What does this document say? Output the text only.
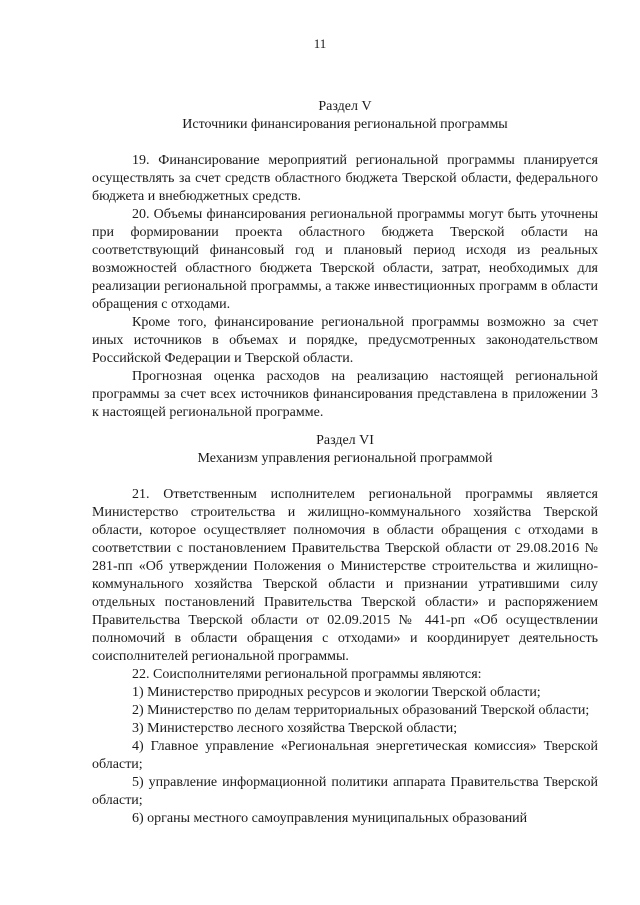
11

Раздел V

Источники финансирования региональной программы

19. Финансирование мероприятий региональной программы планируется осуществлять за счет средств областного бюджета Тверской области, федерального бюджета и внебюджетных средств.

20. Объемы финансирования региональной программы могут быть уточнены при формировании проекта областного бюджета Тверской области на соответствующий финансовый год и плановый период исходя из реальных возможностей областного бюджета Тверской области, затрат, необходимых для реализации региональной программы, а также инвестиционных программ в области обращения с отходами.

Кроме того, финансирование региональной программы возможно за счет иных источников в объемах и порядке, предусмотренных законодательством Российской Федерации и Тверской области.

Прогнозная оценка расходов на реализацию настоящей региональной программы за счет всех источников финансирования представлена в приложении 3 к настоящей региональной программе.

Раздел VI

Механизм управления региональной программой

21. Ответственным исполнителем региональной программы является Министерство строительства и жилищно-коммунального хозяйства Тверской области, которое осуществляет полномочия в области обращения с отходами в соответствии с постановлением Правительства Тверской области от 29.08.2016 № 281-пп «Об утверждении Положения о Министерстве строительства и жилищно-коммунального хозяйства Тверской области и признании утратившими силу отдельных постановлений Правительства Тверской области» и распоряжением Правительства Тверской области от 02.09.2015 № 441-рп «Об осуществлении полномочий в области обращения с отходами» и координирует деятельность соисполнителей региональной программы.

22. Соисполнителями региональной программы являются:

1) Министерство природных ресурсов и экологии Тверской области;

2) Министерство по делам территориальных образований Тверской области;

3) Министерство лесного хозяйства Тверской области;

4) Главное управление «Региональная энергетическая комиссия» Тверской области;

5) управление информационной политики аппарата Правительства Тверской области;

6) органы местного самоуправления муниципальных образований
